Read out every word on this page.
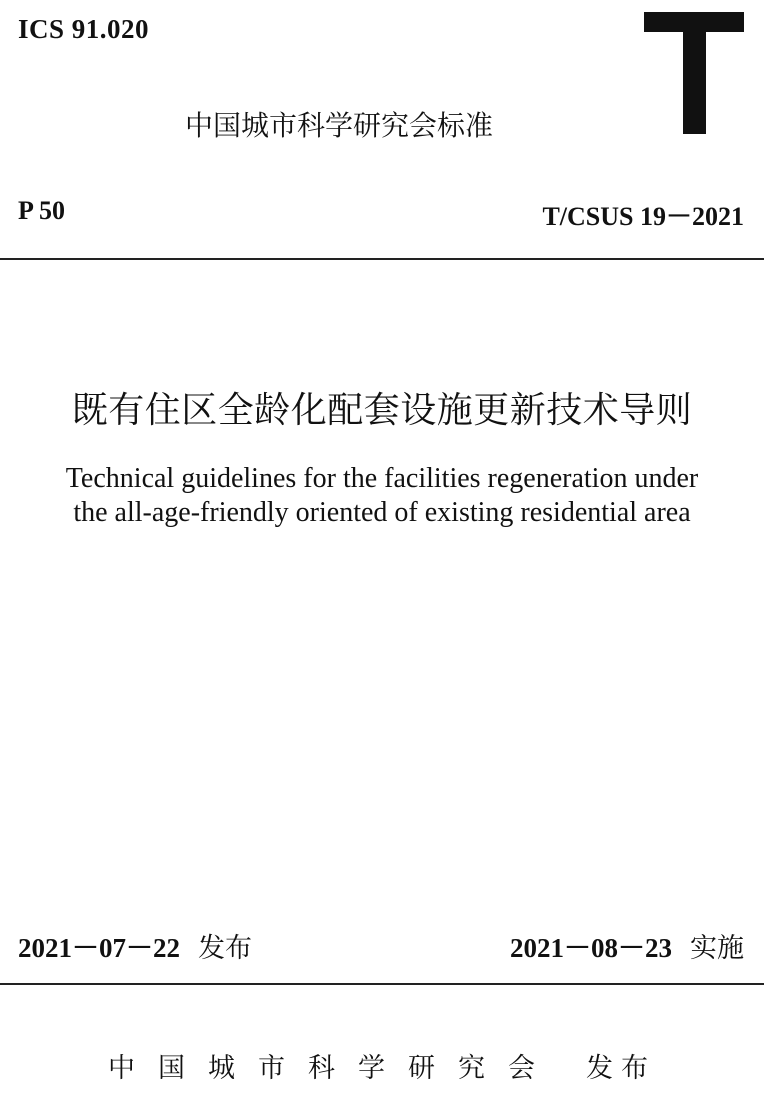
ICS 91.020
中国城市科学研究会标准
P 50	T/CSUS 19－2021
既有住区全龄化配套设施更新技术导则
Technical guidelines for the facilities regeneration under
the all-age-friendly oriented of existing residential area
2021－07－22 发布	2021－08－23 实施
中国城市科学研究会 发布
